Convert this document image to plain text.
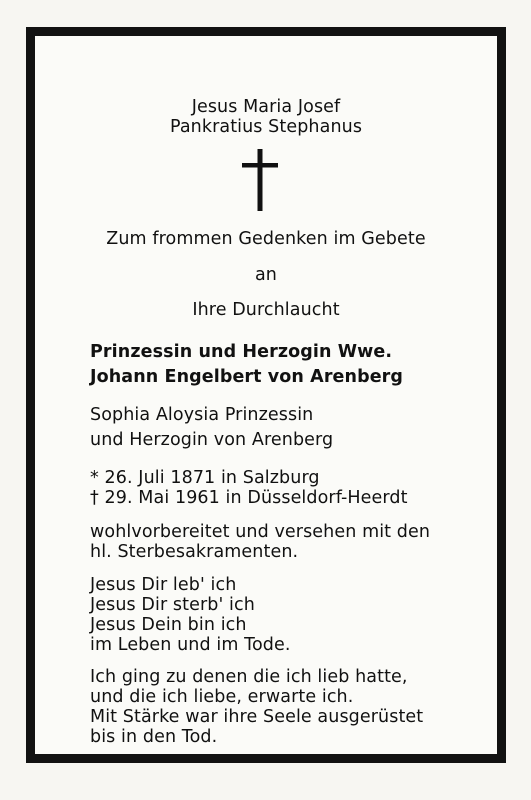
Jesus Maria Josef
Pankratius Stephanus
Zum frommen Gedenken im Gebete
an
Ihre Durchlaucht
Prinzessin und Herzogin Wwe.
Johann Engelbert von Arenberg
Sophia Aloysia Prinzessin
und Herzogin von Arenberg
* 26. Juli 1871 in Salzburg
† 29. Mai 1961 in Düsseldorf-Heerdt
wohlvorbereitet und versehen mit den
hl. Sterbesakramenten.
Jesus Dir leb' ich
Jesus Dir sterb' ich
Jesus Dein bin ich
im Leben und im Tode.
Ich ging zu denen die ich lieb hatte,
und die ich liebe, erwarte ich.
Mit Stärke war ihre Seele ausgerüstet
bis in den Tod.
